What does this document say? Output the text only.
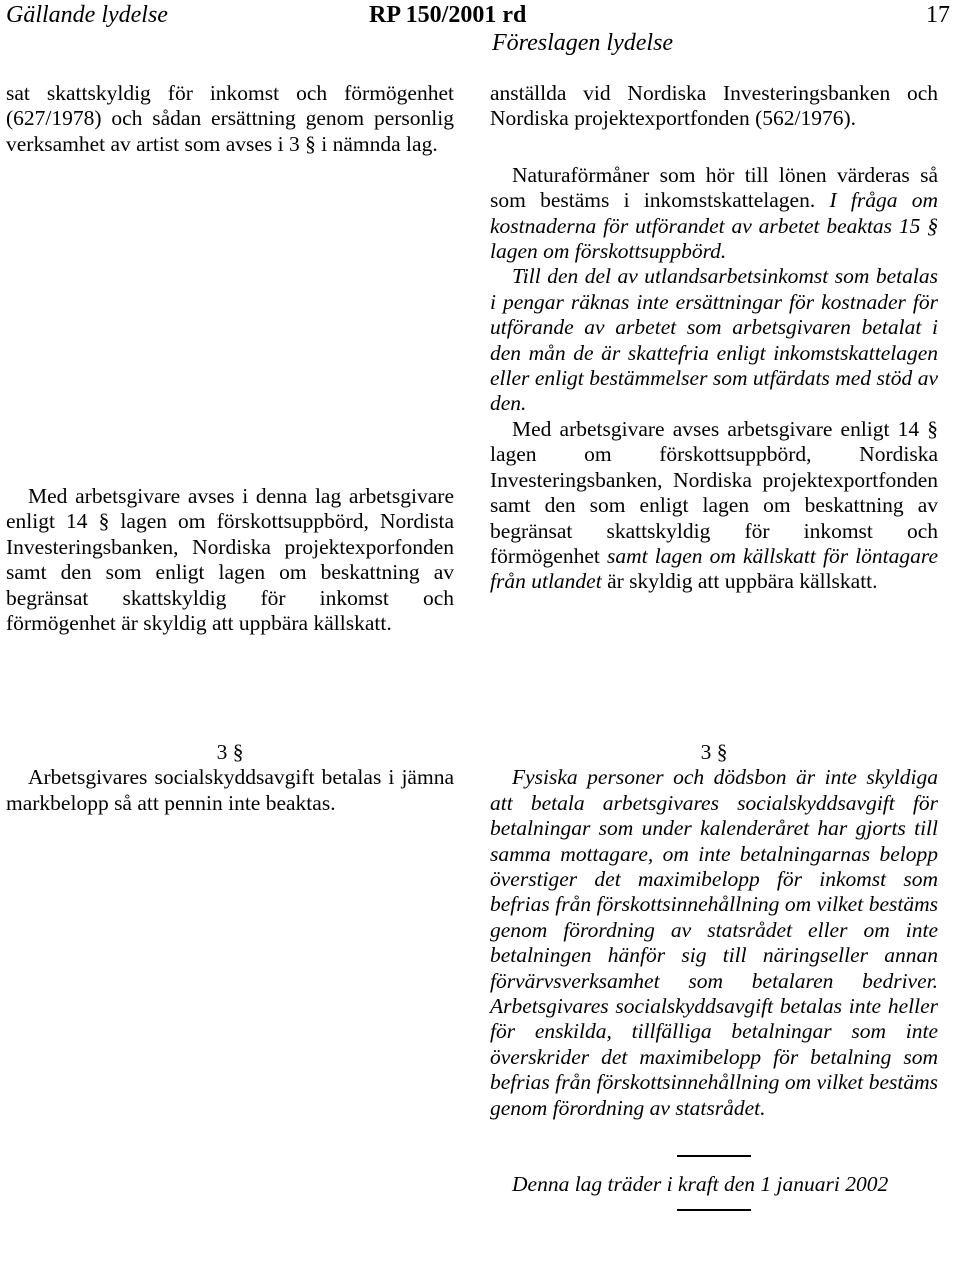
Gällande lydelse	RP 150/2001 rd
Föreslagen lydelse
17

sat skattskyldig för inkomst och förmögenhet (627/1978) och sådan ersättning genom personlig verksamhet av artist som avses i 3 § i nämnda lag.

Med arbetsgivare avses i denna lag arbetsgivare enligt 14 § lagen om förskottsuppbörd, Nordista Investeringsbanken, Nordiska projektexporfonden samt den som enligt lagen om beskattning av begränsat skattskyldig för inkomst och förmögenhet är skyldig att uppbära källskatt.

3 §

Arbetsgivares socialskyddsavgift betalas i jämna markbelopp så att pennin inte beaktas.

anställda vid Nordiska Investeringsbanken och Nordiska projektexportfonden (562/1976).

Naturaförmåner som hör till lönen värderas så som bestäms i inkomstskattelagen. I fråga om kostnaderna för utförandet av arbetet beaktas 15 § lagen om förskottsuppbörd.

Till den del av utlandsarbetsinkomst som betalas i pengar räknas inte ersättningar för kostnader för utförande av arbetet som arbetsgivaren betalat i den mån de är skattefria enligt inkomstskattelagen eller enligt bestämmelser som utfärdats med stöd av den.

Med arbetsgivare avses arbetsgivare enligt 14 § lagen om förskottsuppbörd, Nordiska Investeringsbanken, Nordiska projektexportfonden samt den som enligt lagen om beskattning av begränsat skattskyldig för inkomst och förmögenhet samt lagen om källskatt för löntagare från utlandet är skyldig att uppbära källskatt.

3 §

Fysiska personer och dödsbon är inte skyldiga att betala arbetsgivares socialskyddsavgift för betalningar som under kalenderåret har gjorts till samma mottagare, om inte betalningarnas belopp överstiger det maximibelopp för inkomst som befrias från förskottsinnehållning om vilket bestäms genom förordning av statsrådet eller om inte betalningen hänför sig till näringseller annan förvärvsverksamhet som betalaren bedriver. Arbetsgivares socialskyddsavgift betalas inte heller för enskilda, tillfälliga betalningar som inte överskrider det maximibelopp för betalning som befrias från förskottsinnehållning om vilket bestäms genom förordning av statsrådet.

Denna lag träder i kraft den 1 januari 2002
